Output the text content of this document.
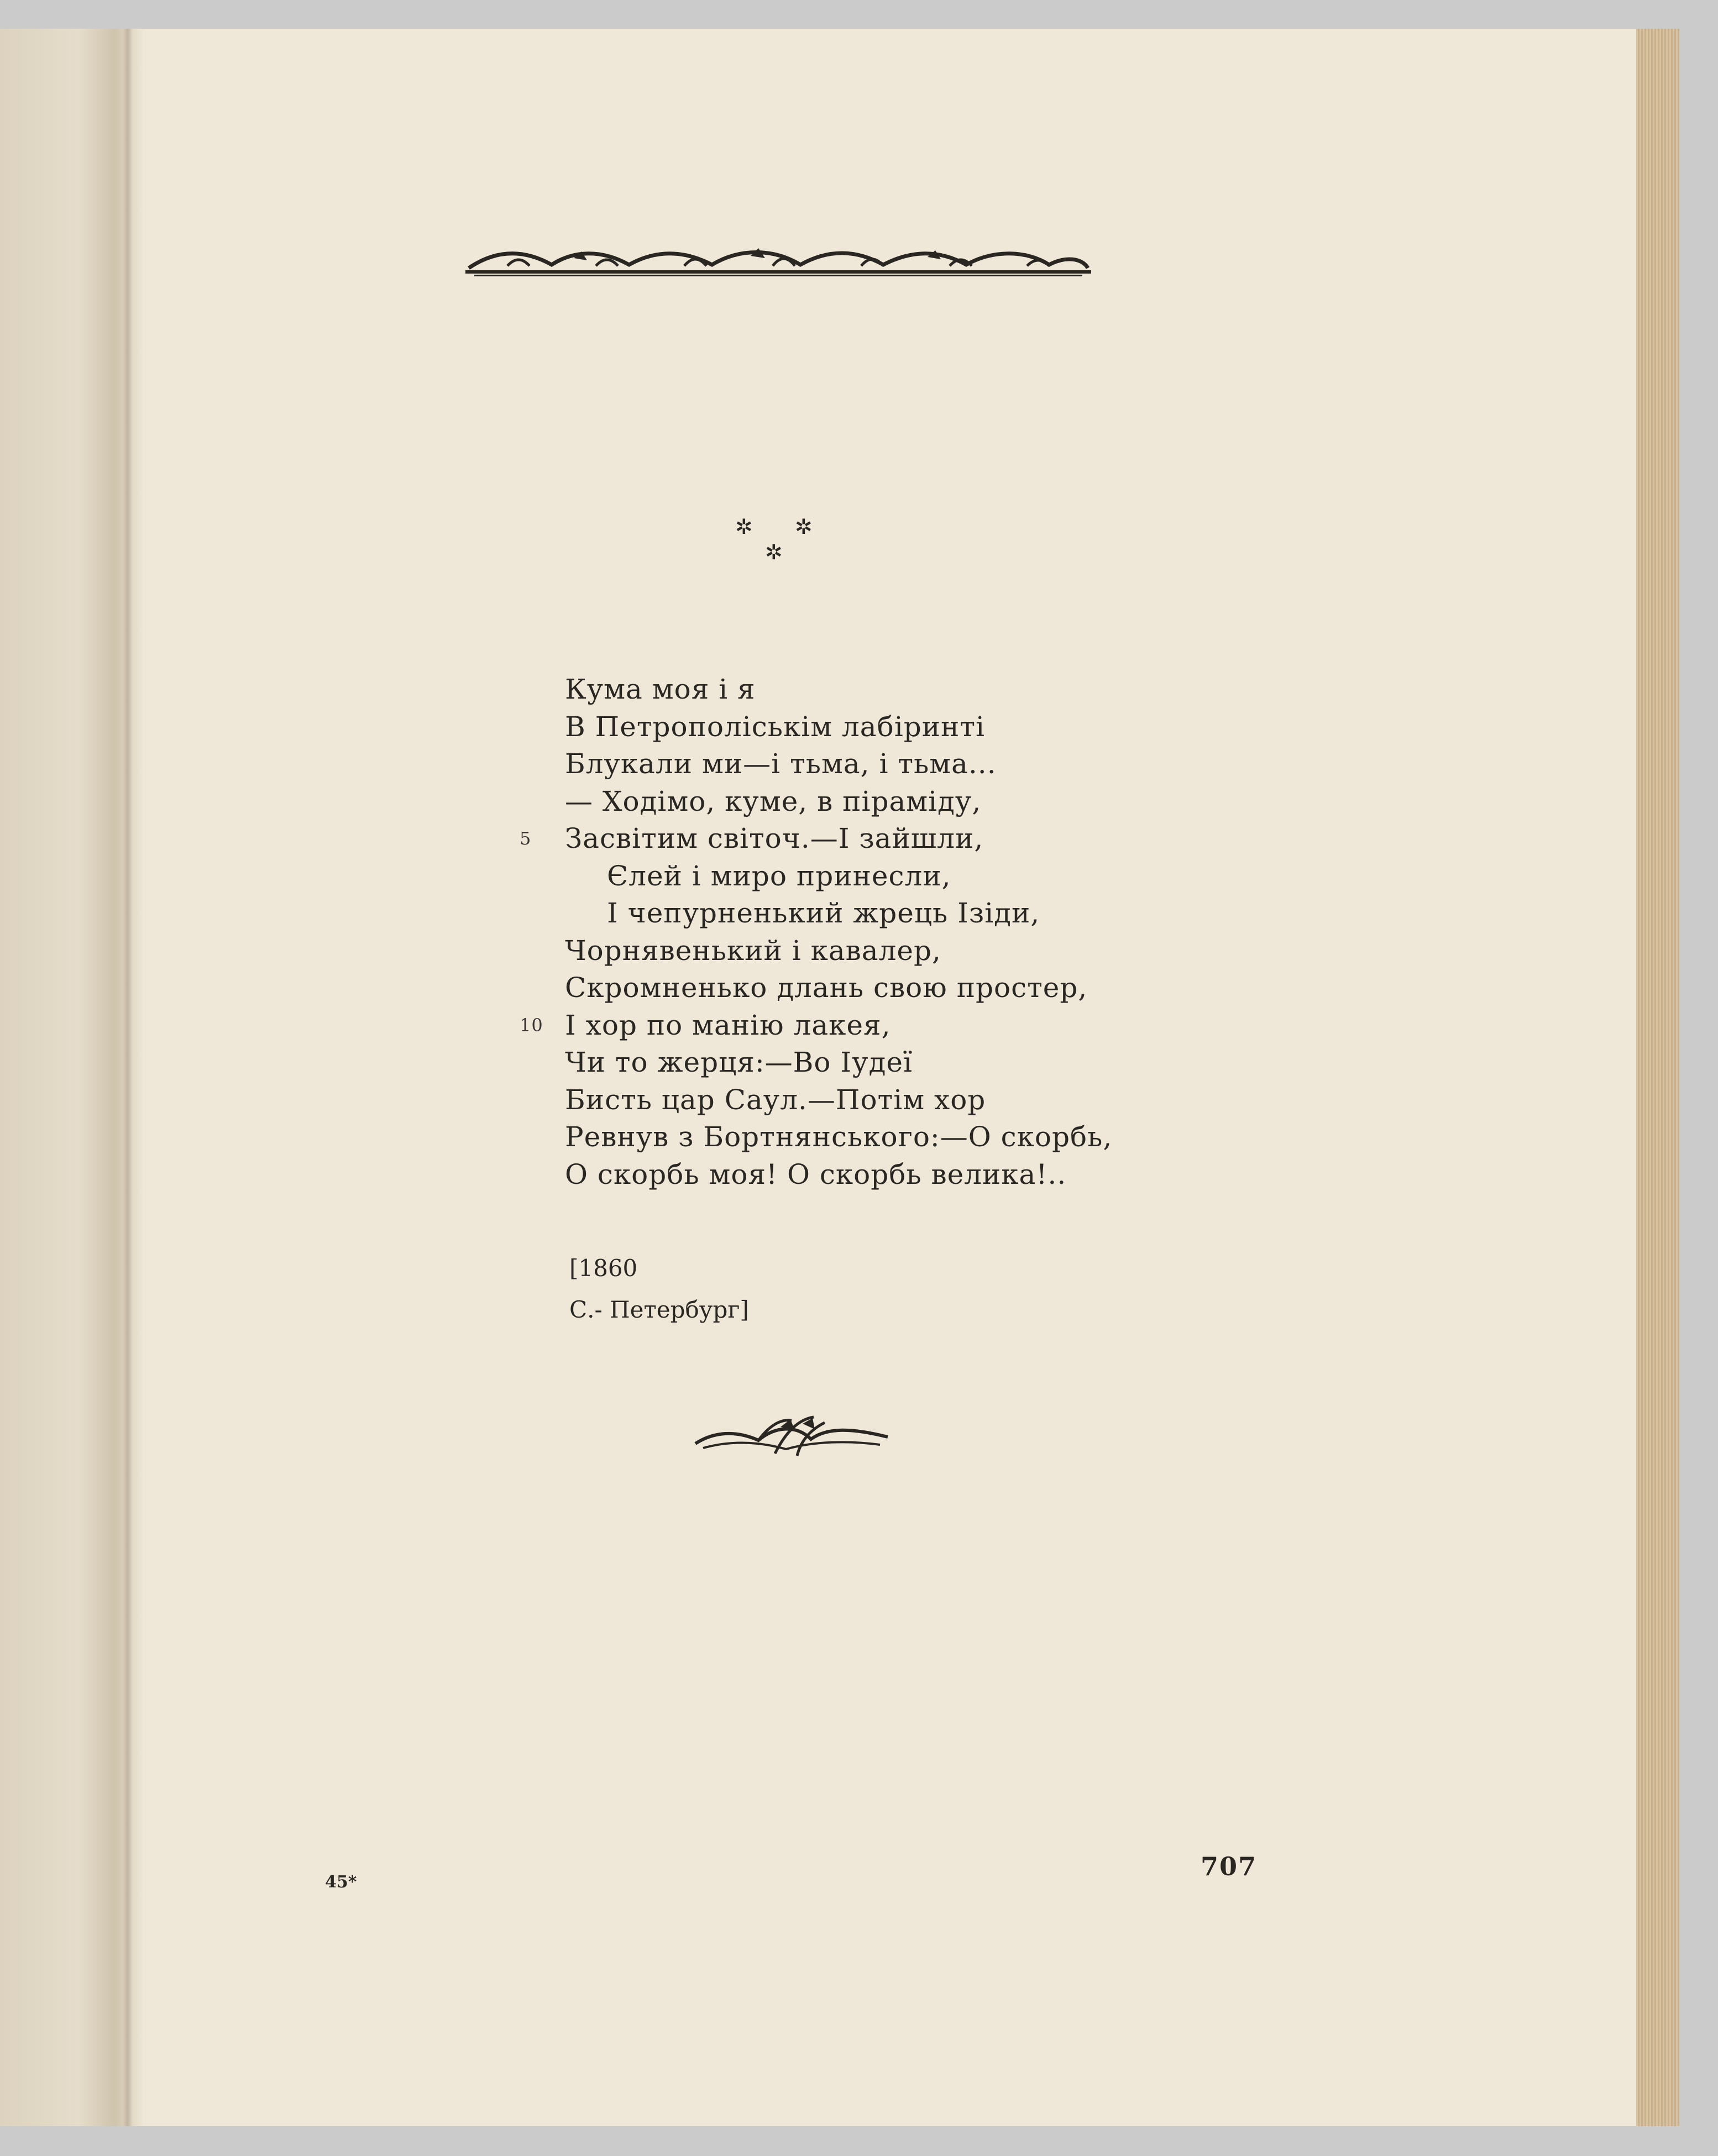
✲ ✲
✲
Кума моя і я
В Петрополіськім лабіринті
Блукали ми—і тьма, і тьма...
— Ходімо, куме, в піраміду,
5 Засвітим світоч.—І зайшли,
Єлей і миро принесли,
І чепурненький жрець Ізіди,
Чорнявенький і кавалер,
Скромненько длань свою простер,
10 І хор по манію лакея,
Чи то жерця:—Во Іудеї
Бисть цар Саул.—Потім хор
Ревнув з Бортнянського:—О скорбь,
О скорбь моя! О скорбь велика!..
[1860
С.- Петербург]
45*
707
